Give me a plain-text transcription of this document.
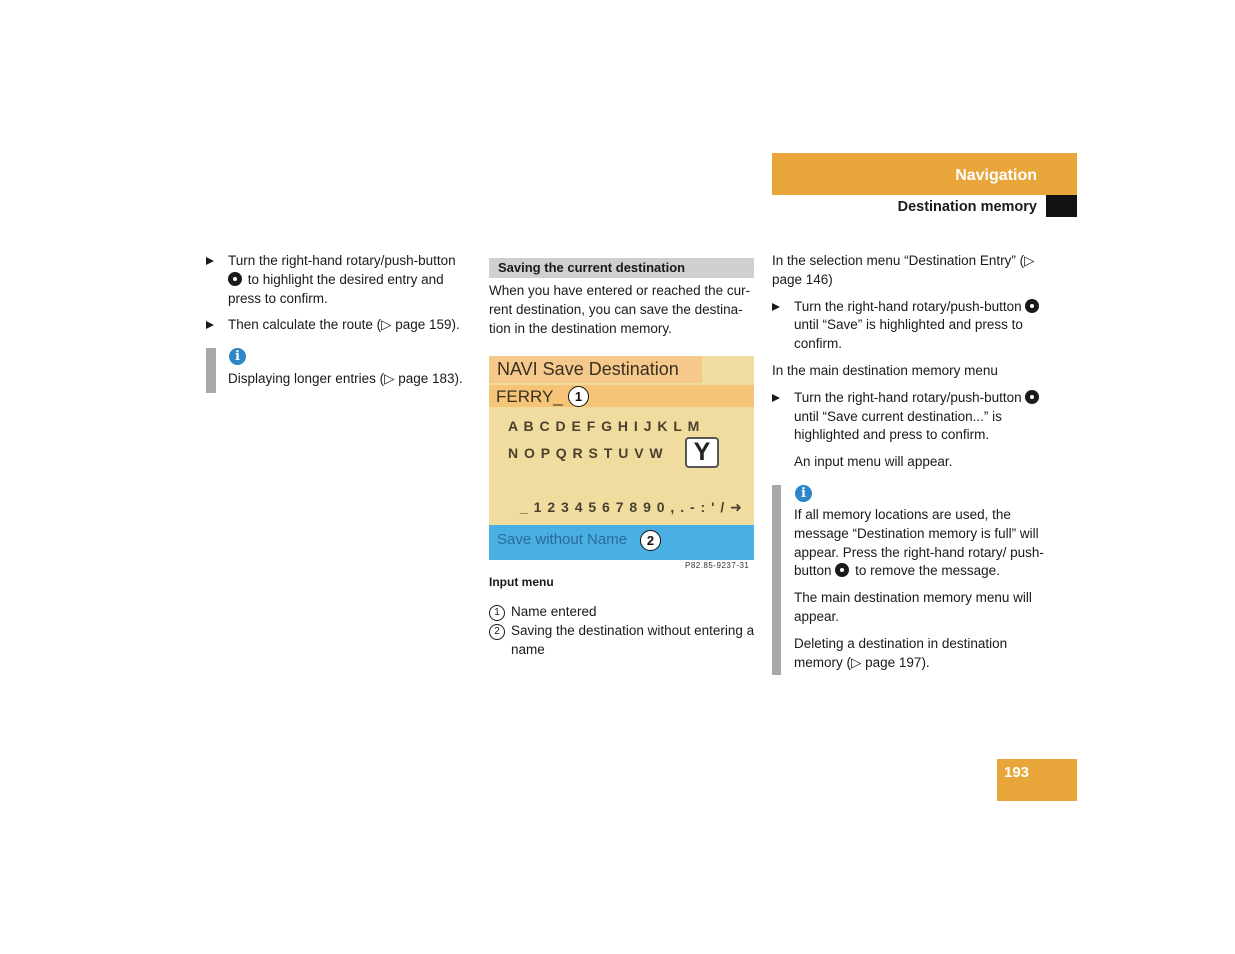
Navigation
Destination memory

Turn the right-hand rotary/push-button  to highlight the desired entry and press to confirm.

Then calculate the route (▷ page 159).

i

Displaying longer entries (▷ page 183).

Saving the current destination

When you have entered or reached the cur-rent destination, you can save the destina-tion in the destination memory.

NAVI Save Destination
FERRY_ 1
A B C D E F G H I J K L M
N O P Q R S T U V W	Y
_ 1 2 3 4 5 6 7 8 9 0 , . - : ' / ➜
Save without Name	2
P82.85-9237-31
Input menu

1 Name entered

2 Saving the destination without entering a name

In the selection menu “Destination Entry” (▷ page 146)

Turn the right-hand rotary/push-button  until “Save” is highlighted and press to confirm.

In the main destination memory menu

Turn the right-hand rotary/push-button  until “Save current destination...” is highlighted and press to confirm.

An input menu will appear.

i

If all memory locations are used, the message “Destination memory is full” will appear. Press the right-hand rotary/ push-button to remove the message.

The main destination memory menu will appear.

Deleting a destination in destination memory (▷ page 197).

193
